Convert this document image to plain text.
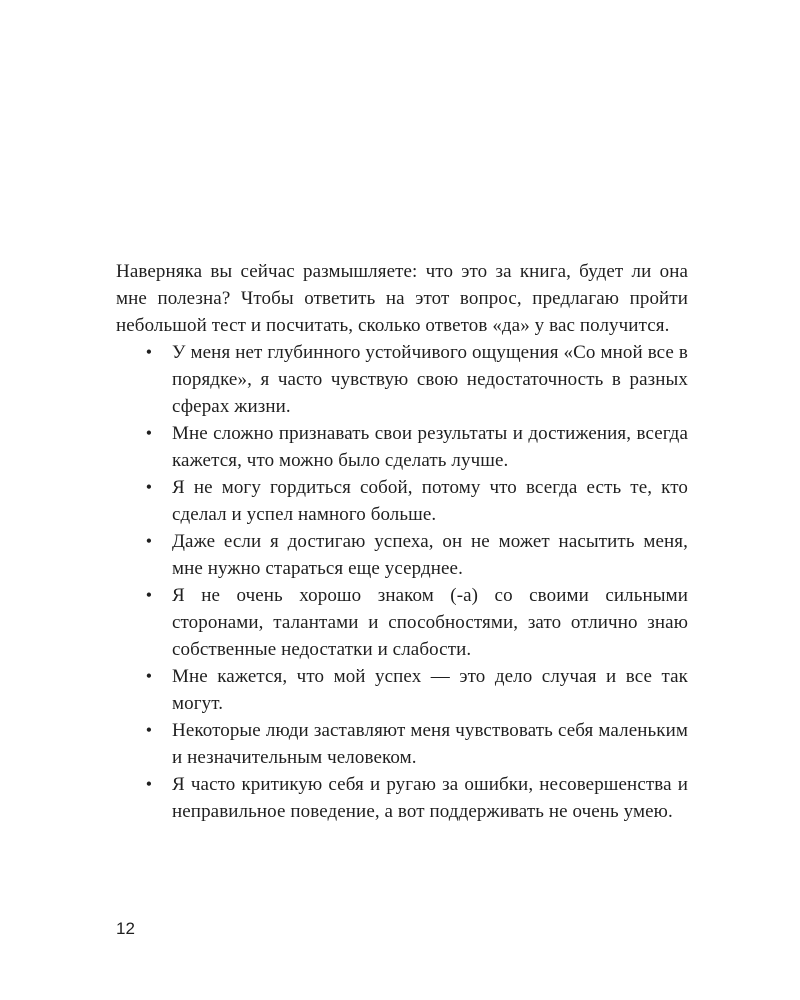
Наверняка вы сейчас размышляете: что это за книга, будет ли она мне полезна? Чтобы ответить на этот вопрос, предлагаю пройти небольшой тест и посчитать, сколько ответов «да» у вас получится.

• У меня нет глубинного устойчивого ощущения «Со мной все в порядке», я часто чувствую свою недостаточность в разных сферах жизни.
• Мне сложно признавать свои результаты и достижения, всегда кажется, что можно было сделать лучше.
• Я не могу гордиться собой, потому что всегда есть те, кто сделал и успел намного больше.
• Даже если я достигаю успеха, он не может насытить меня, мне нужно стараться еще усерднее.
• Я не очень хорошо знаком (-а) со своими сильными сторонами, талантами и способностями, зато отлично знаю собственные недостатки и слабости.
• Мне кажется, что мой успех — это дело случая и все так могут.
• Некоторые люди заставляют меня чувствовать себя маленьким и незначительным человеком.
• Я часто критикую себя и ругаю за ошибки, несовершенства и неправильное поведение, а вот поддерживать не очень умею.
12
